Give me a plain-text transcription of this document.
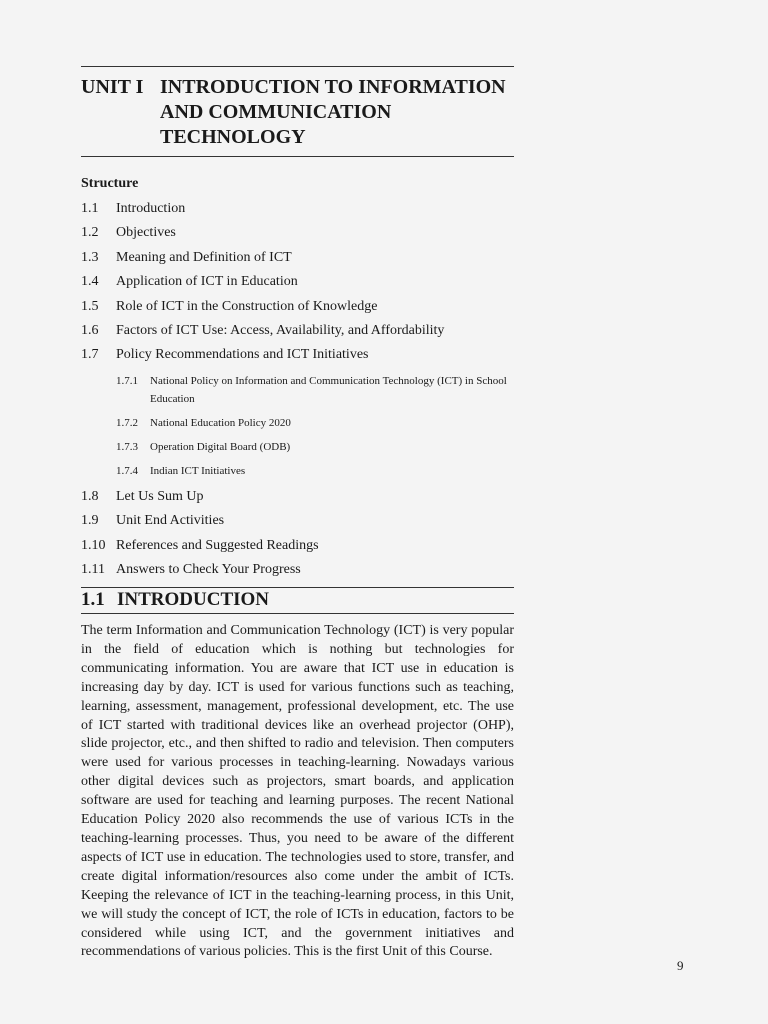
UNIT I INTRODUCTION TO INFORMATION AND COMMUNICATION TECHNOLOGY
Structure
1.1 Introduction
1.2 Objectives
1.3 Meaning and Definition of ICT
1.4 Application of ICT in Education
1.5 Role of ICT in the Construction of Knowledge
1.6 Factors of ICT Use: Access, Availability, and Affordability
1.7 Policy Recommendations and ICT Initiatives
1.7.1 National Policy on Information and Communication Technology (ICT) in School Education
1.7.2 National Education Policy 2020
1.7.3 Operation Digital Board (ODB)
1.7.4 Indian ICT Initiatives
1.8 Let Us Sum Up
1.9 Unit End Activities
1.10 References and Suggested Readings
1.11 Answers to Check Your Progress
1.1 INTRODUCTION

The term Information and Communication Technology (ICT) is very popular in the field of education which is nothing but technologies for communicating information. You are aware that ICT use in education is increasing day by day. ICT is used for various functions such as teaching, learning, assessment, management, professional development, etc. The use of ICT started with traditional devices like an overhead projector (OHP), slide projector, etc., and then shifted to radio and television. Then computers were used for various processes in teaching-learning. Nowadays various other digital devices such as projectors, smart boards, and application software are used for teaching and learning purposes. The recent National Education Policy 2020 also recommends the use of various ICTs in the teaching-learning processes. Thus, you need to be aware of the different aspects of ICT use in education. The technologies used to store, transfer, and create digital information/resources also come under the ambit of ICTs. Keeping the relevance of ICT in the teaching-learning process, in this Unit, we will study the concept of ICT, the role of ICTs in education, factors to be considered while using ICT, and the government initiatives and recommendations of various policies. This is the first Unit of this Course.

9
